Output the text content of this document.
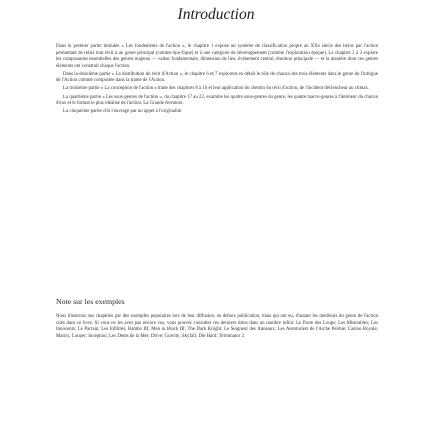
Introduction

Dans le premier partie intitulée « Les fondements de l'action », le chapitre 1 expose un système de classification propre au XXe siècle des héros par l'action permettant de relier tout récit à un genre principal (comme épo-fique) et à une catégorie de développement (comme l'exploration épique). Le chapitre 2 à 3 explore les composantes essentielles des genres majeurs — valeur fondamentale, dimension de lieu, événement central, émotion principale — et la manière dont ces genres éléments ont construit chaque l'action.

Dans la deuxième partie « La distribution du récit d'Action », le chapitre 6 et 7 explorent en détail le rôle de chacun des trois éléments dans le genre de l'intrigue de l'Action comme compostée dans la trame de l'Action.

La troisième partie « La conception de l'action » traite des chapitres 8 à 16 et leur application du chemin du récit d'action, de l'incident déclencheur au climax.

La quatrième partie « Les sous-genres de l'action », du chapitre 17 au 22, examine les quatre sous-genres du genre, les quatre macro-genres à l'intérieur du chacun d'eux et le format le plus idéalisé de l'action. La Grande Aventure.

La cinquième partie clôt l'ouvrage par un appel à l'originalité.

Note sur les exemples

Nous illustrons nos chapitres par des exemples populaires lors de leur diffusion, en dehors publication, mais qui ont eu, d'autant les meilleurs du genre de l'action cités dans ce livre. Si vous ne les avez pas encore vus, vous pouvez consulter ces derniers titres dans un nombre infini: Le Pacte des Loups; Les Miserables; Les Innocents; Le Parrain; Les Infiltrés; Rambo III; Men in Black III; The Dark Knight; Le Seigneur des Anneaux; Les Aventuriers de l'Arche Perdue; Casino Royale; Matrix; Looper; Inception; Les Dents de la Mer; Drive; Gravity; Skyfall; Die Hard; Terminator 2.
